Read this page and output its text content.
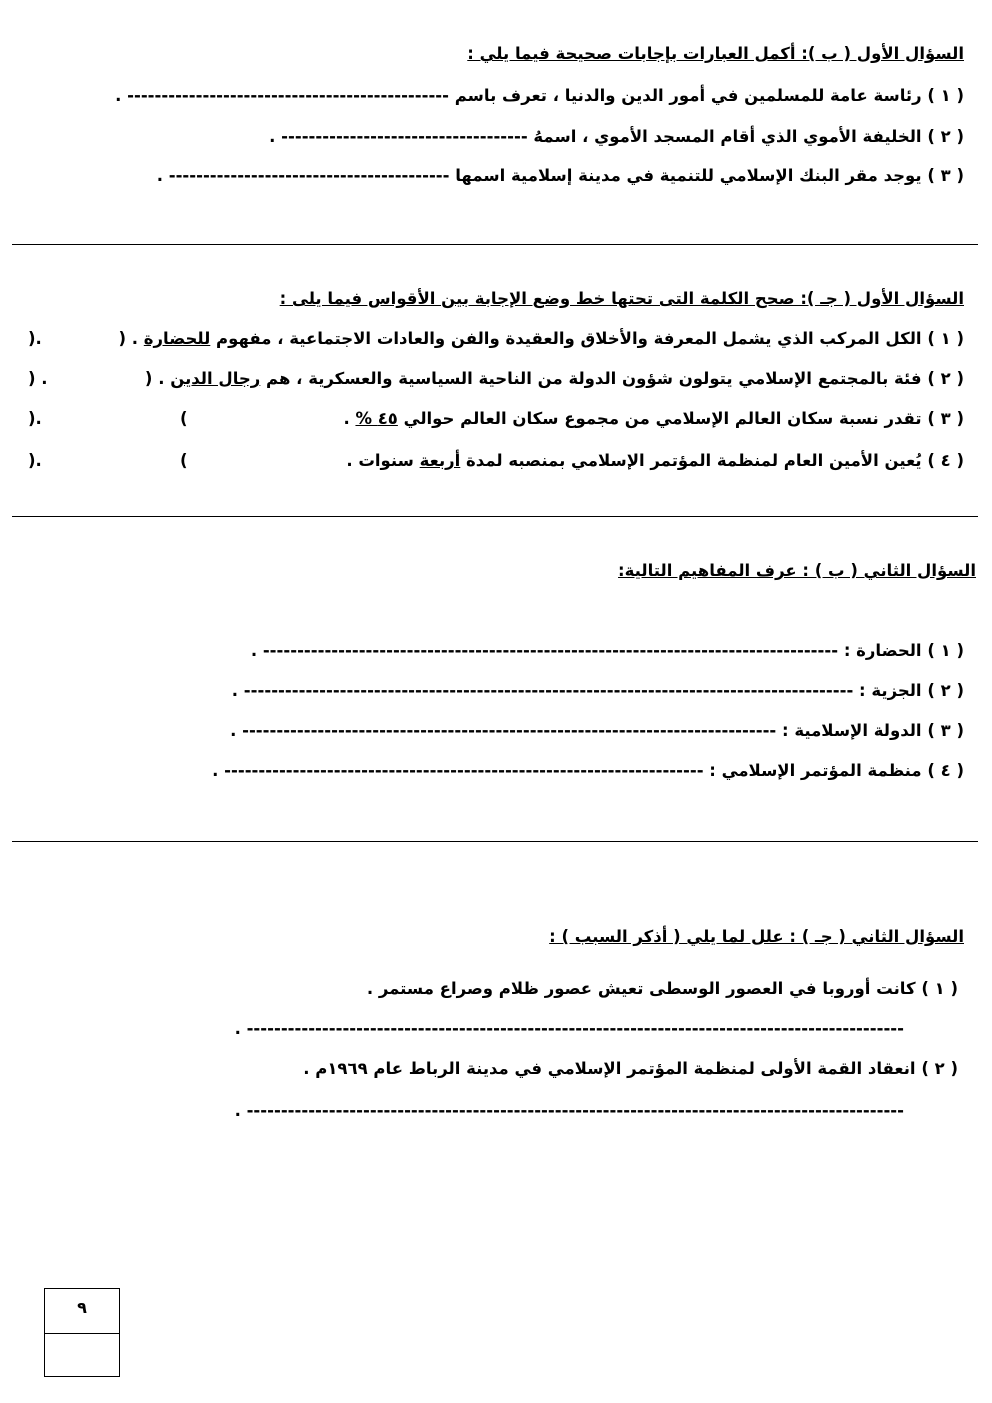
السؤال الأول ( ب ): أكمل العبارات بإجابات صحيحة فيما يلي :
( ١ ) رئاسة عامة للمسلمين في أمور الدين والدنيا ، تعرف باسم ----------------------------------------------- .
( ٢ ) الخليفة الأموي الذي أقام المسجد الأموي ، اسمهُ ------------------------------------ .
( ٣ ) يوجد مقر البنك الإسلامي للتنمية في مدينة إسلامية اسمها ----------------------------------------- .
السؤال الأول ( جـ ): صحح الكلمة التى تحتها خط وضع الإجابة بين الأقواس فيما يلى :
( ١ ) الكل المركب الذي يشمل المعرفة والأخلاق والعقيدة والفن والعادات الاجتماعية ، مفهوم للحضارة . (
).
( ٢ ) فئة بالمجتمع الإسلامي يتولون شؤون الدولة من الناحية السياسية والعسكرية ، هم رجال الدين . (
) .
( ٣ ) تقدر نسبة سكان العالم الإسلامي من مجموع سكان العالم حوالي ٤٥ % .
(
).
( ٤ ) يُعين الأمين العام لمنظمة المؤتمر الإسلامي بمنصبه لمدة أربعة سنوات .
(
).
السؤال الثاني ( ب ) : عرف المفاهيم التالية:
( ١ ) الحضارة : ------------------------------------------------------------------------------------ .
( ٢ ) الجزية : ----------------------------------------------------------------------------------------- .
( ٣ ) الدولة الإسلامية : ------------------------------------------------------------------------------ .
( ٤ ) منظمة المؤتمر الإسلامي : ---------------------------------------------------------------------- .
السؤال الثاني ( جـ ) : علل لما يلي ( أذكر السبب ) :
( ١ ) كانت أوروبا في العصور الوسطى تعيش عصور ظلام وصراع مستمر .
------------------------------------------------------------------------------------------------ .
( ٢ ) انعقاد القمة الأولى لمنظمة المؤتمر الإسلامي في مدينة الرباط عام ١٩٦٩م .
------------------------------------------------------------------------------------------------ .
٩
